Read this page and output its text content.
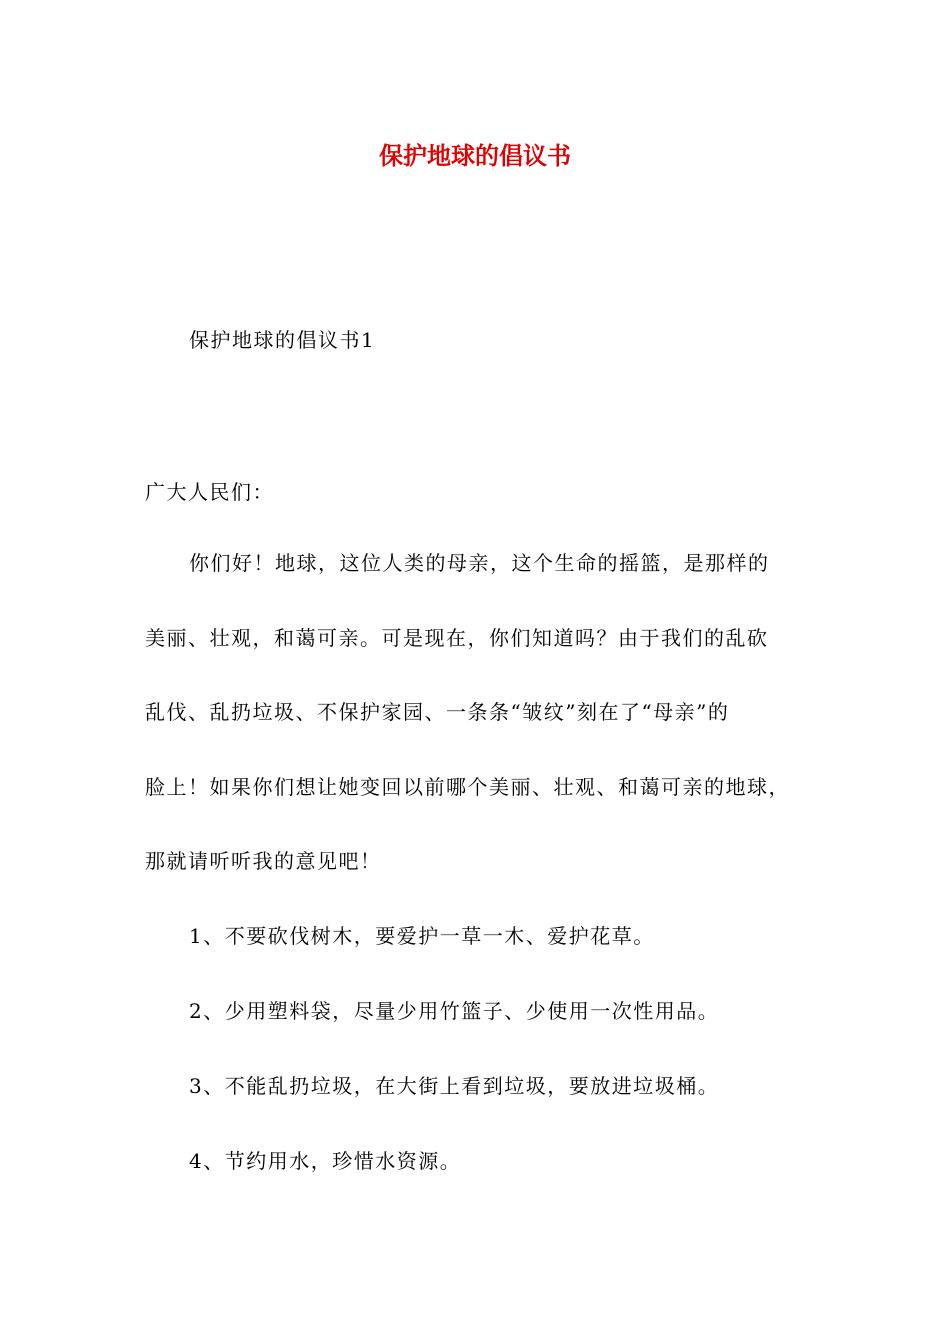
保护地球的倡议书
保护地球的倡议书1
广大人民们：
你们好！地球，这位人类的母亲，这个生命的摇篮，是那样的
美丽、壮观，和蔼可亲。可是现在，你们知道吗？由于我们的乱砍
乱伐、乱扔垃圾、不保护家园、一条条“皱纹”刻在了“母亲”的
脸上！如果你们想让她变回以前哪个美丽、壮观、和蔼可亲的地球，
那就请听听我的意见吧！
1、不要砍伐树木，要爱护一草一木、爱护花草。
2、少用塑料袋，尽量少用竹篮子、少使用一次性用品。
3、不能乱扔垃圾，在大街上看到垃圾，要放进垃圾桶。
4、节约用水，珍惜水资源。
